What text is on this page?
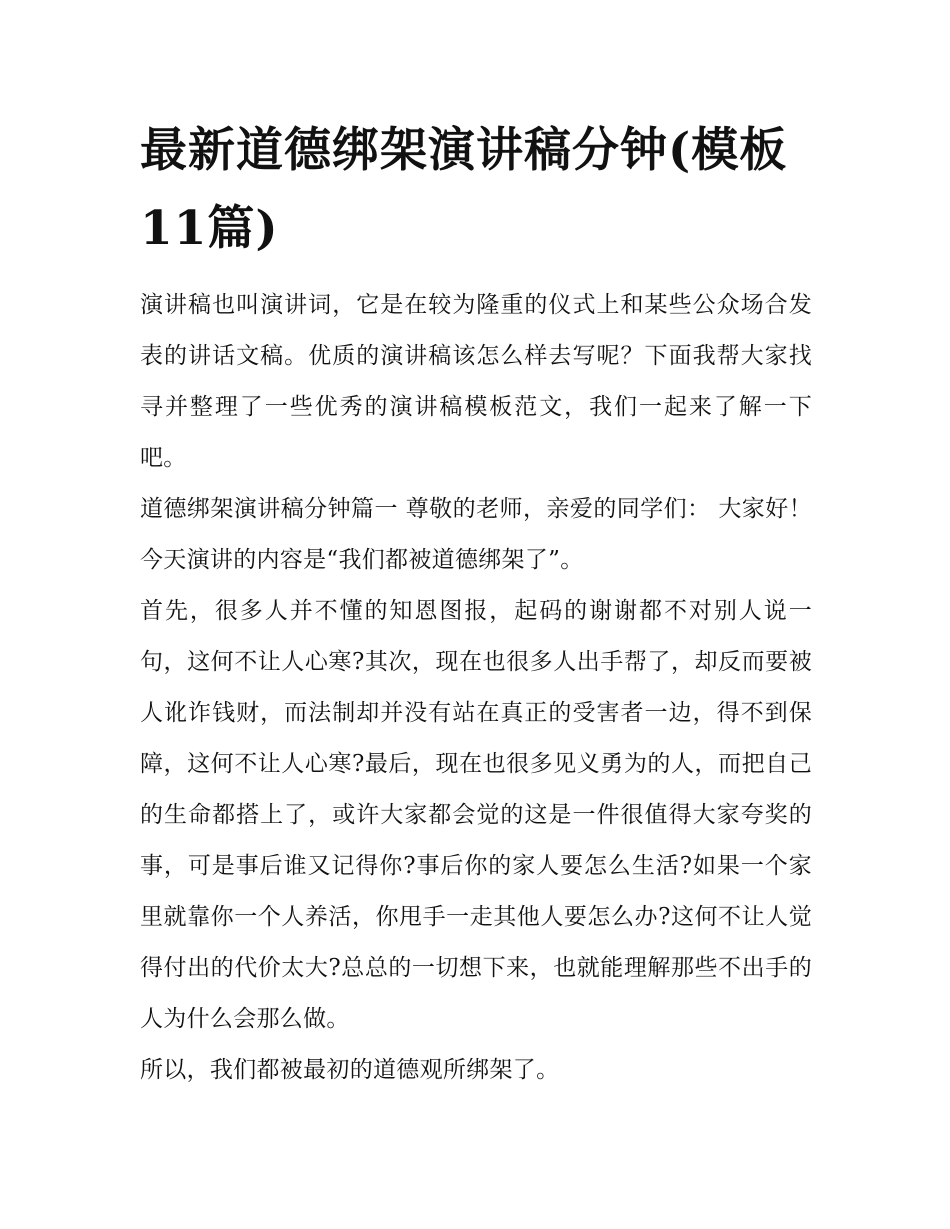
最新道德绑架演讲稿分钟(模板11篇)

演讲稿也叫演讲词，它是在较为隆重的仪式上和某些公众场合发表的讲话文稿。优质的演讲稿该怎么样去写呢？下面我帮大家找寻并整理了一些优秀的演讲稿模板范文，我们一起来了解一下吧。

道德绑架演讲稿分钟篇一 尊敬的老师，亲爱的同学们： 大家好！ 今天演讲的内容是“我们都被道德绑架了”。

首先，很多人并不懂的知恩图报，起码的谢谢都不对别人说一句，这何不让人心寒?其次，现在也很多人出手帮了，却反而要被人讹诈钱财，而法制却并没有站在真正的受害者一边，得不到保障，这何不让人心寒?最后，现在也很多见义勇为的人，而把自己的生命都搭上了，或许大家都会觉的这是一件很值得大家夸奖的事，可是事后谁又记得你?事后你的家人要怎么生活?如果一个家里就靠你一个人养活，你甩手一走其他人要怎么办?这何不让人觉得付出的代价太大?总总的一切想下来，也就能理解那些不出手的人为什么会那么做。

所以，我们都被最初的道德观所绑架了。
